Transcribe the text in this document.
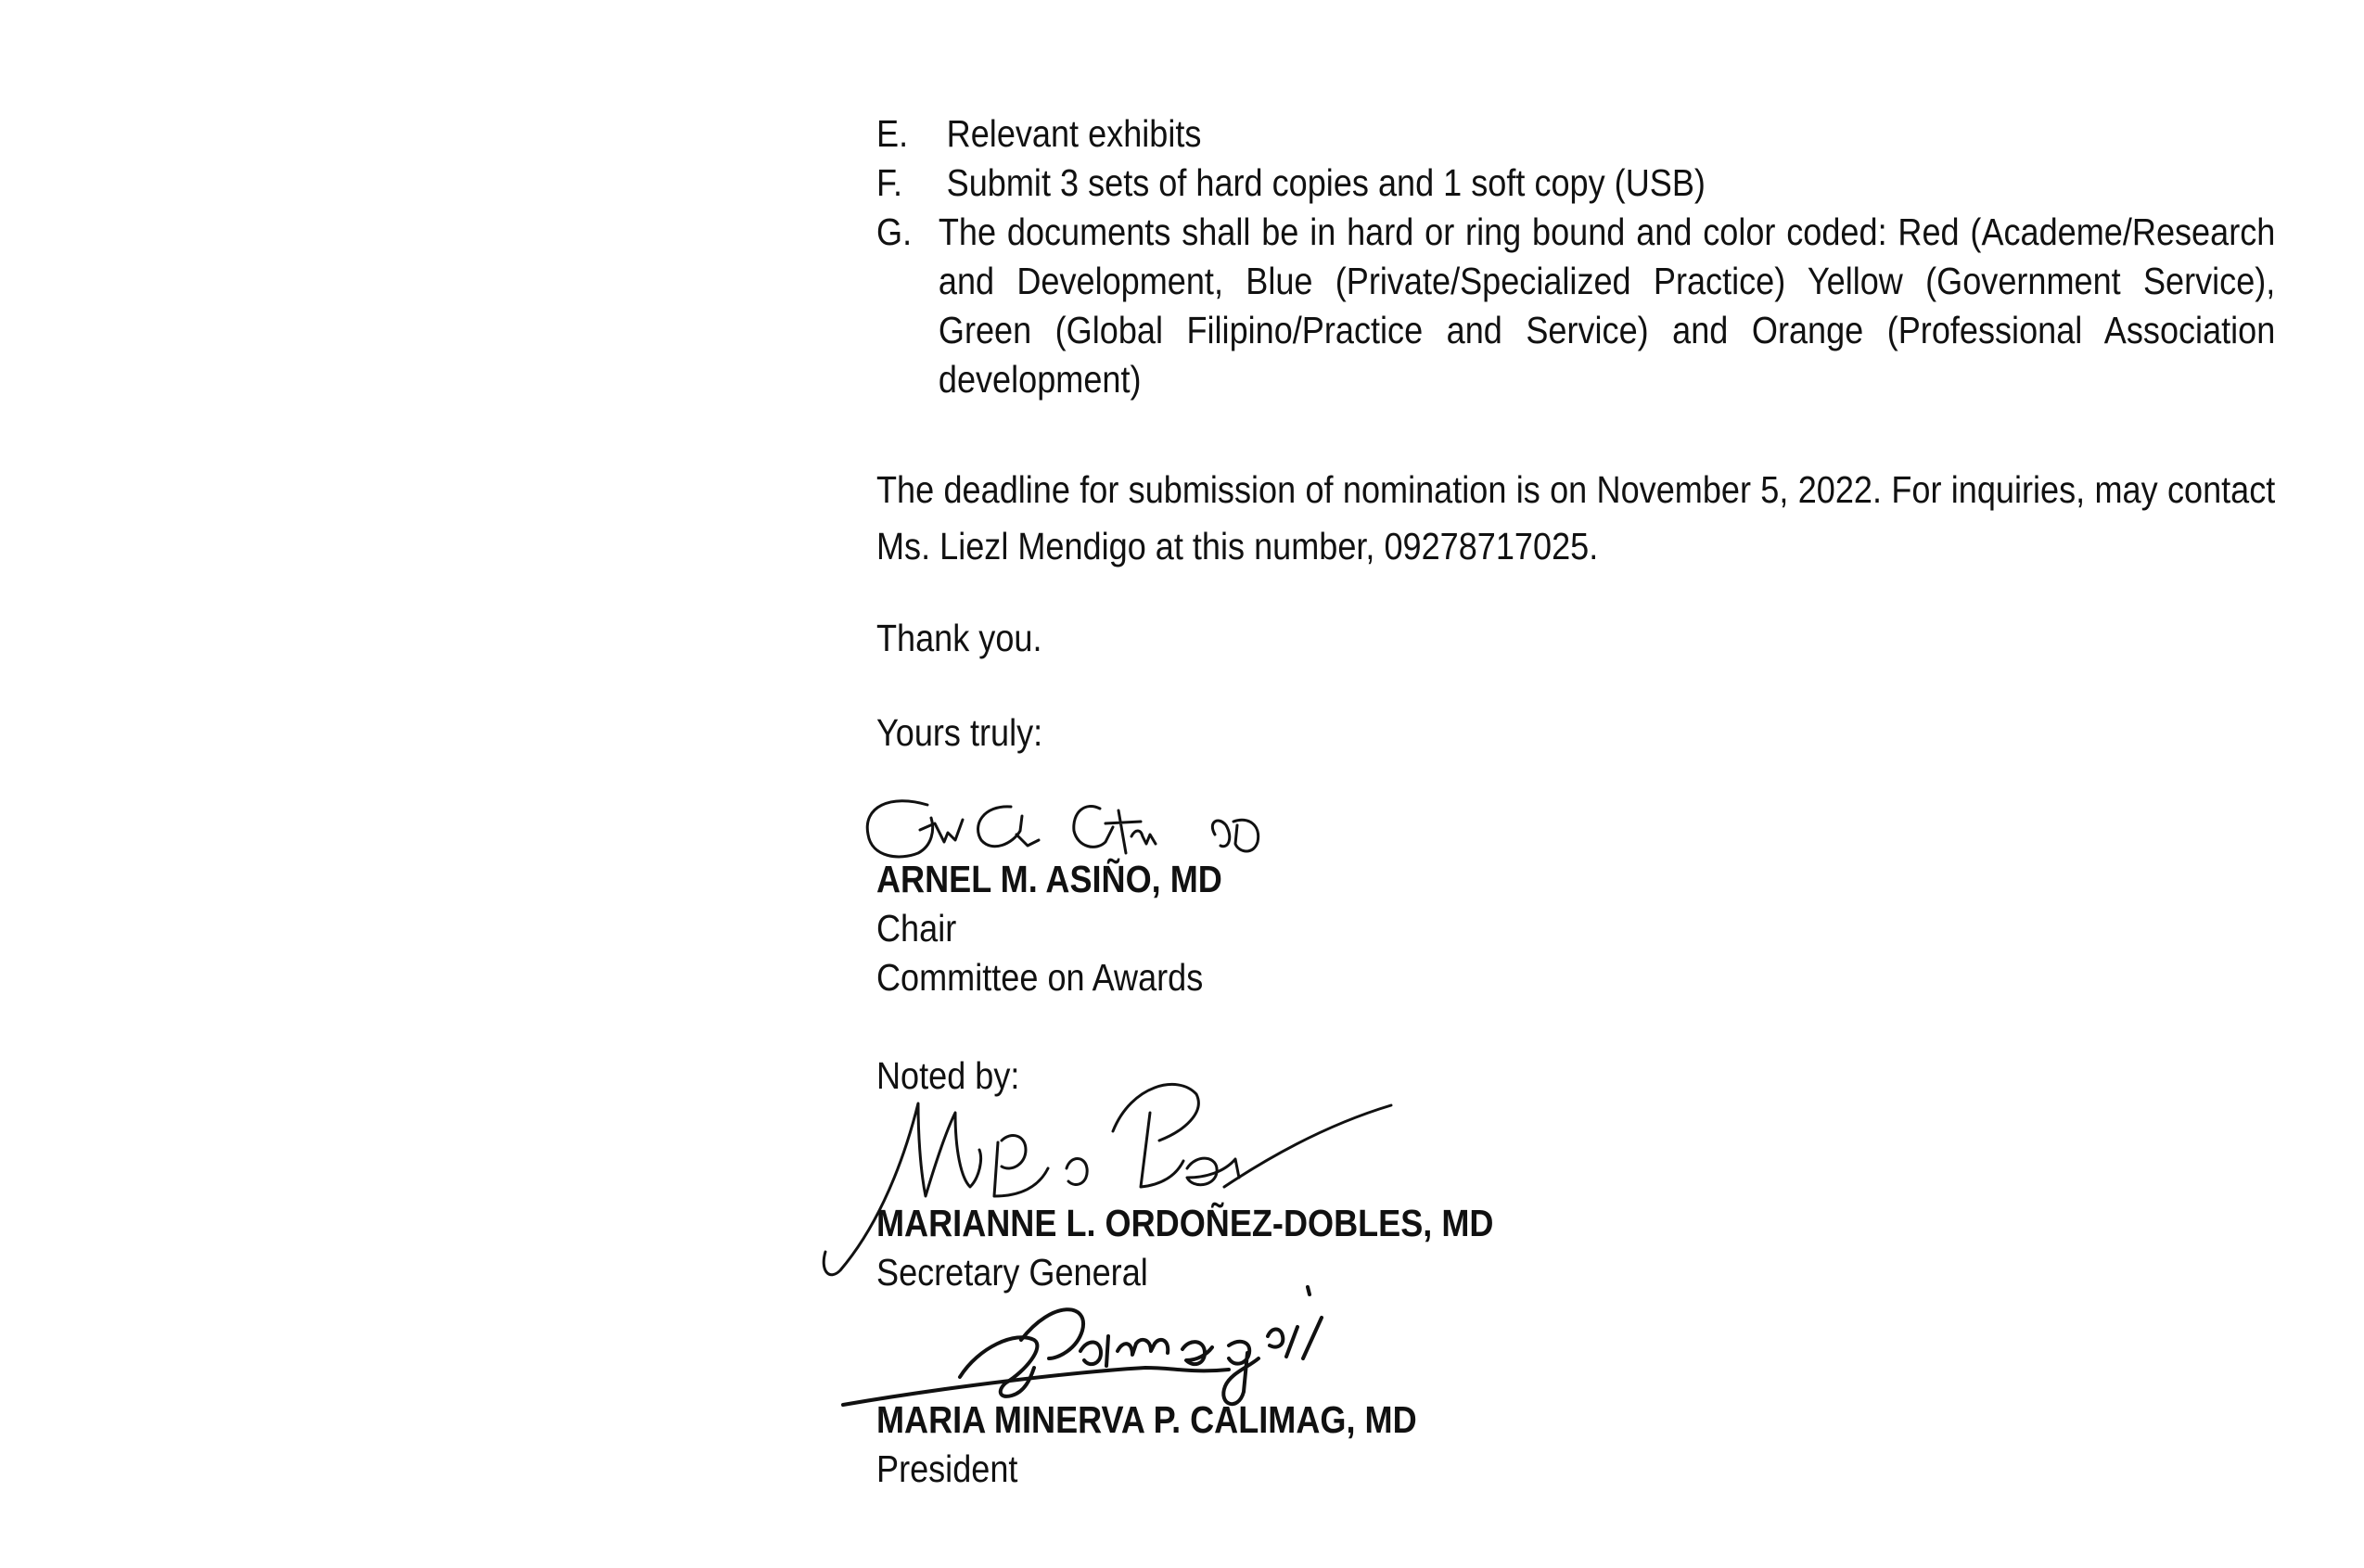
E.	Relevant exhibits
F.	Submit 3 sets of hard copies and 1 soft copy (USB)
G. The documents shall be in hard or ring bound and color coded: Red (Academe/Research and Development, Blue (Private/Specialized Practice) Yellow (Government Service), Green (Global Filipino/Practice and Service) and Orange (Professional Association development)

The deadline for submission of nomination is on November 5, 2022. For inquiries, may contact Ms. Liezl Mendigo at this number, 09278717025.

Thank you.
Yours truly:
ARNEL M. ASIÑO, MD
Chair
Committee on Awards
Noted by:
MARIANNE L. ORDOÑEZ-DOBLES, MD
Secretary General
MARIA MINERVA P. CALIMAG, MD
President
